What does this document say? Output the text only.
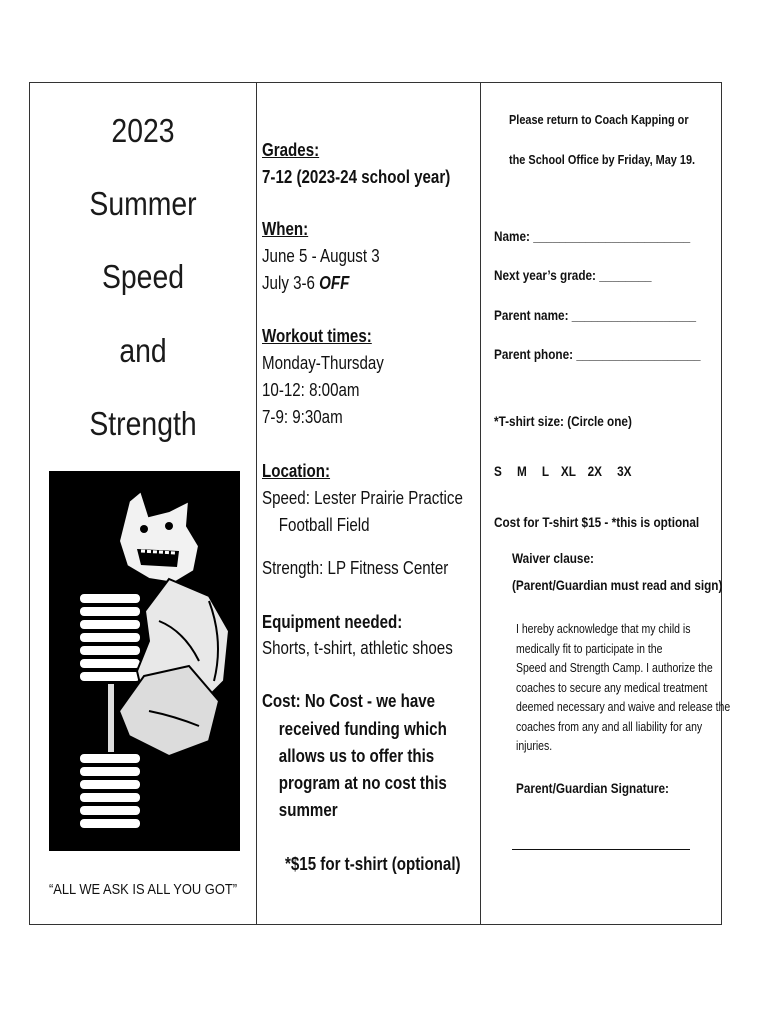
2023
Summer
Speed
and
Strength
“ALL WE ASK IS ALL YOU GOT”
Grades:
7-12 (2023-24 school year)
When:
June 5 - August 3
July 3-6 OFF
Workout times:
Monday-Thursday
10-12: 8:00am
7-9: 9:30am
Location:
Speed: Lester Prairie Practice
Football Field
Strength: LP Fitness Center
Equipment needed:
Shorts, t-shirt, athletic shoes
Cost: No Cost - we have
received funding which
allows us to offer this
program at no cost this
summer
*$15 for t-shirt (optional)
Please return to Coach Kapping or
the School Office by Friday, May 19.
Name: ________________________
Next year’s grade: ________
Parent name: ___________________
Parent phone: ___________________
*T-shirt size: (Circle one)
S M L XL 2X 3X
Cost for T-shirt $15 - *this is optional
Waiver clause:
(Parent/Guardian must read and sign)
I hereby acknowledge that my child is
medically fit to participate in the
Speed and Strength Camp. I authorize the
coaches to secure any medical treatment
deemed necessary and waive and release the
coaches from any and all liability for any
injuries.
Parent/Guardian Signature:
